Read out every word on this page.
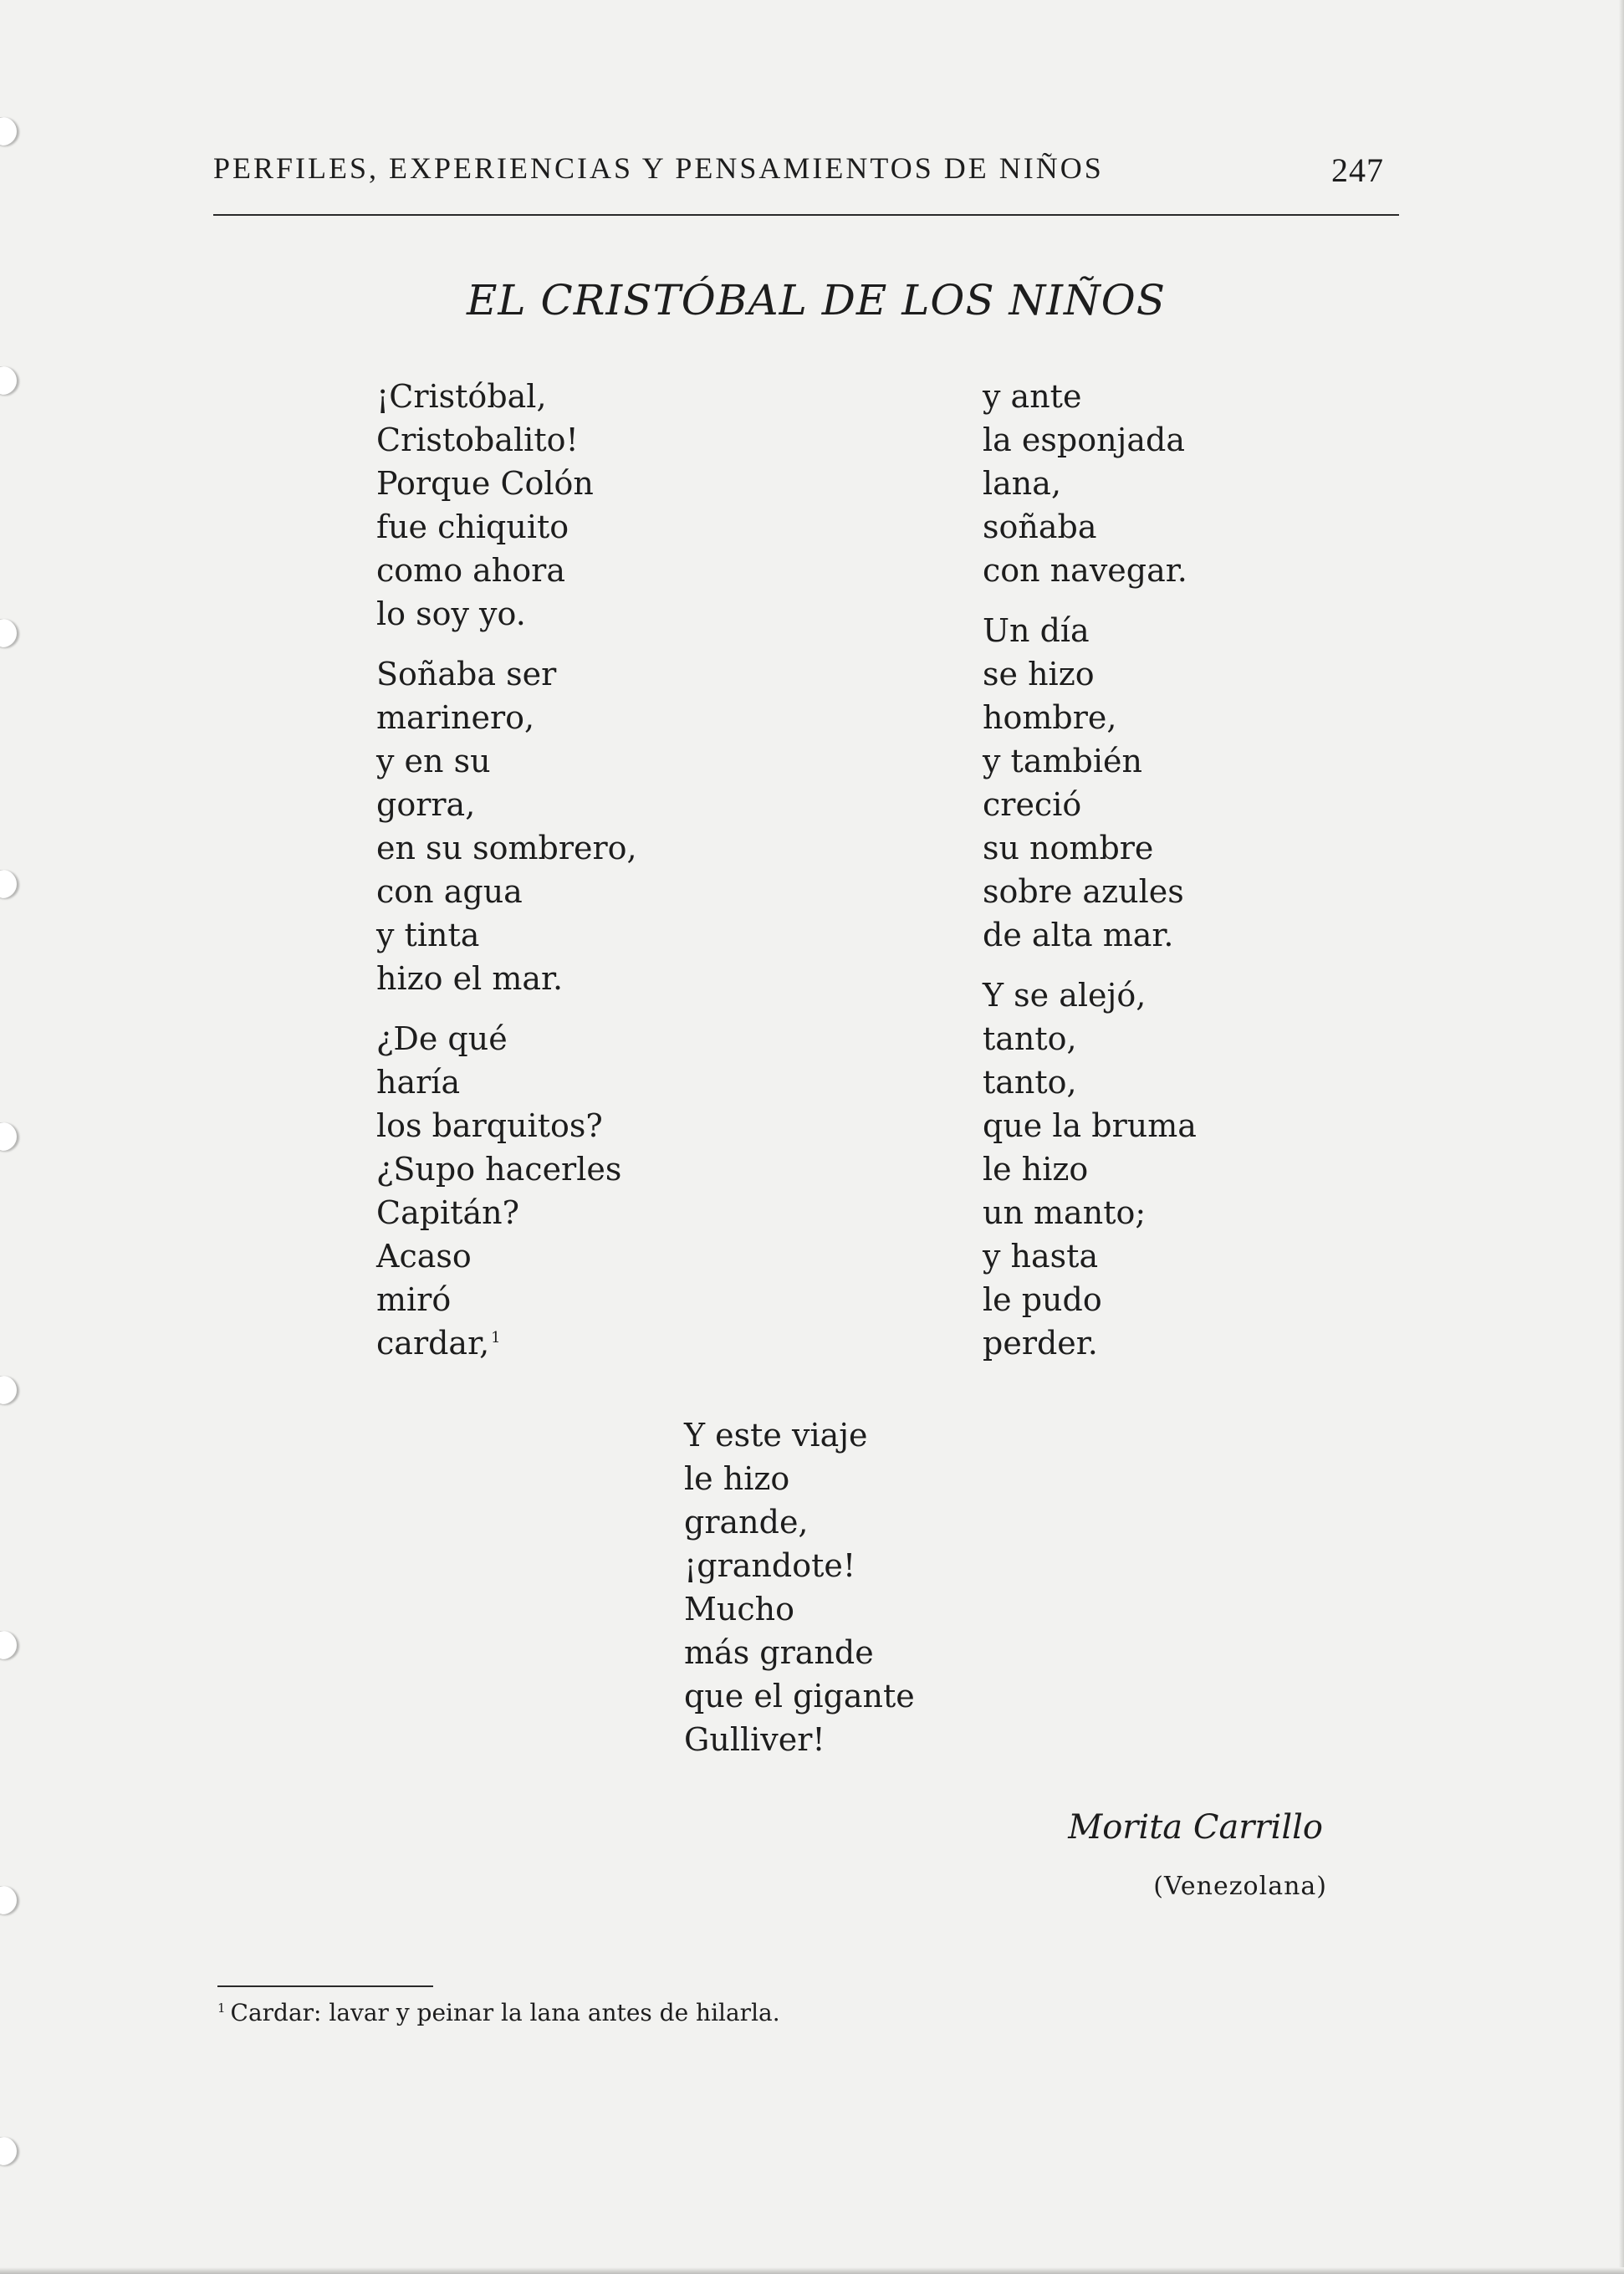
PERFILES, EXPERIENCIAS Y PENSAMIENTOS DE NIÑOS	247
EL CRISTÓBAL DE LOS NIÑOS
¡Cristóbal,
Cristobalito!
Porque Colón
fue chiquito
como ahora
lo soy yo.
Soñaba ser
marinero,
y en su
gorra,
en su sombrero,
con agua
y tinta
hizo el mar.
¿De qué
haría
los barquitos?
¿Supo hacerles
Capitán?
Acaso
miró
cardar, $^1$
y ante
la esponjada
lana,
soñaba
con navegar.
Un día
se hizo
hombre,
y también
creció
su nombre
sobre azules
de alta mar.
Y se alejó,
tanto,
tanto,
que la bruma
le hizo
un manto;
y hasta
le pudo
perder.
Y este viaje
le hizo
grande,
¡grandote!
Mucho
más grande
que el gigante
Gulliver!
Morita Carrillo
(Venezolana)
$^1$ Cardar: lavar y peinar la lana antes de hilarla.
